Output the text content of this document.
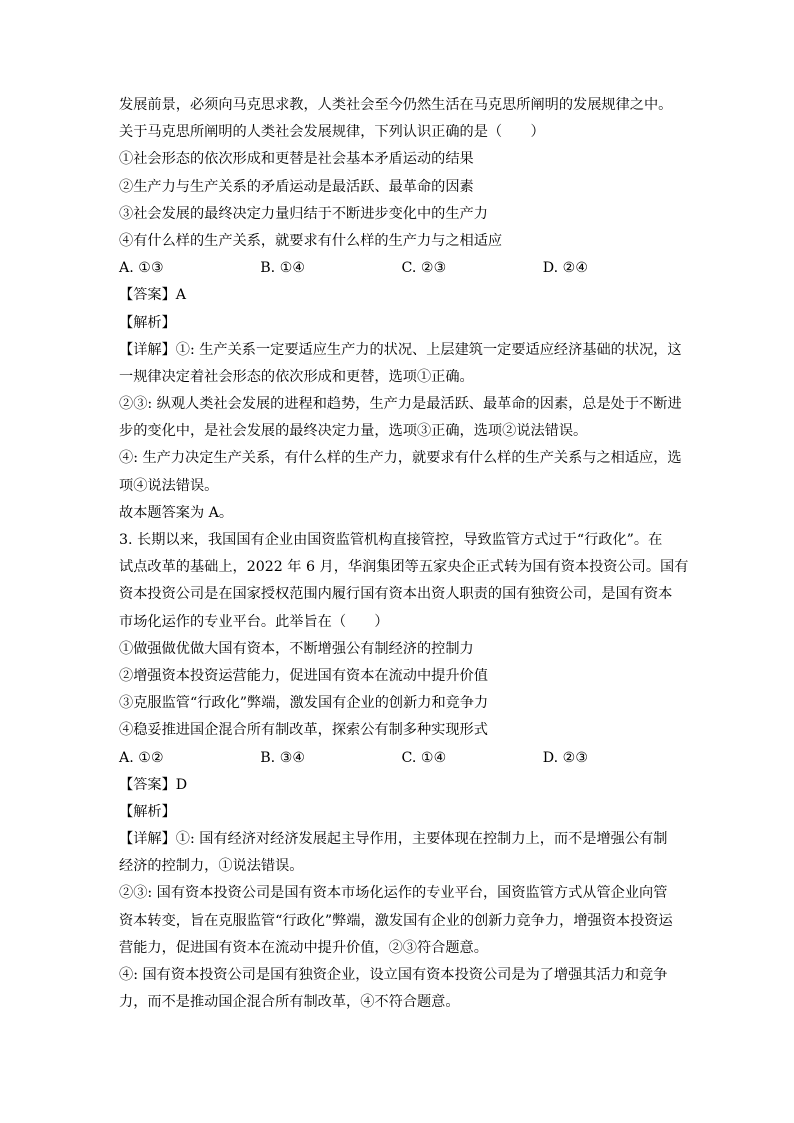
发展前景，必须向马克思求教，人类社会至今仍然生活在马克思所阐明的发展规律之中。
关于马克思所阐明的人类社会发展规律，下列认识正确的是（　　）
①社会形态的依次形成和更替是社会基本矛盾运动的结果
②生产力与生产关系的矛盾运动是最活跃、最革命的因素
③社会发展的最终决定力量归结于不断进步变化中的生产力
④有什么样的生产关系，就要求有什么样的生产力与之相适应
A. ①③	B. ①④	C. ②③	D. ②④
【答案】A
【解析】
【详解】①: 生产关系一定要适应生产力的状况、上层建筑一定要适应经济基础的状况，这
一规律决定着社会形态的依次形成和更替，选项①正确。
②③: 纵观人类社会发展的进程和趋势，生产力是最活跃、最革命的因素，总是处于不断进
步的变化中，是社会发展的最终决定力量，选项③正确，选项②说法错误。
④: 生产力决定生产关系，有什么样的生产力，就要求有什么样的生产关系与之相适应，选
项④说法错误。
故本题答案为 A。
3. 长期以来，我国国有企业由国资监管机构直接管控，导致监管方式过于“行政化”。在
试点改革的基础上，2022 年 6 月，华润集团等五家央企正式转为国有资本投资公司。国有
资本投资公司是在国家授权范围内履行国有资本出资人职责的国有独资公司，是国有资本
市场化运作的专业平台。此举旨在（　　）
①做强做优做大国有资本，不断增强公有制经济的控制力
②增强资本投资运营能力，促进国有资本在流动中提升价值
③克服监管“行政化”弊端，激发国有企业的创新力和竞争力
④稳妥推进国企混合所有制改革，探索公有制多种实现形式
A. ①②	B. ③④	C. ①④	D. ②③
【答案】D
【解析】
【详解】①: 国有经济对经济发展起主导作用，主要体现在控制力上，而不是增强公有制
经济的控制力，①说法错误。
②③: 国有资本投资公司是国有资本市场化运作的专业平台，国资监管方式从管企业向管
资本转变，旨在克服监管“行政化”弊端，激发国有企业的创新力竞争力，增强资本投资运
营能力，促进国有资本在流动中提升价值，②③符合题意。
④: 国有资本投资公司是国有独资企业，设立国有资本投资公司是为了增强其活力和竞争
力，而不是推动国企混合所有制改革，④不符合题意。
